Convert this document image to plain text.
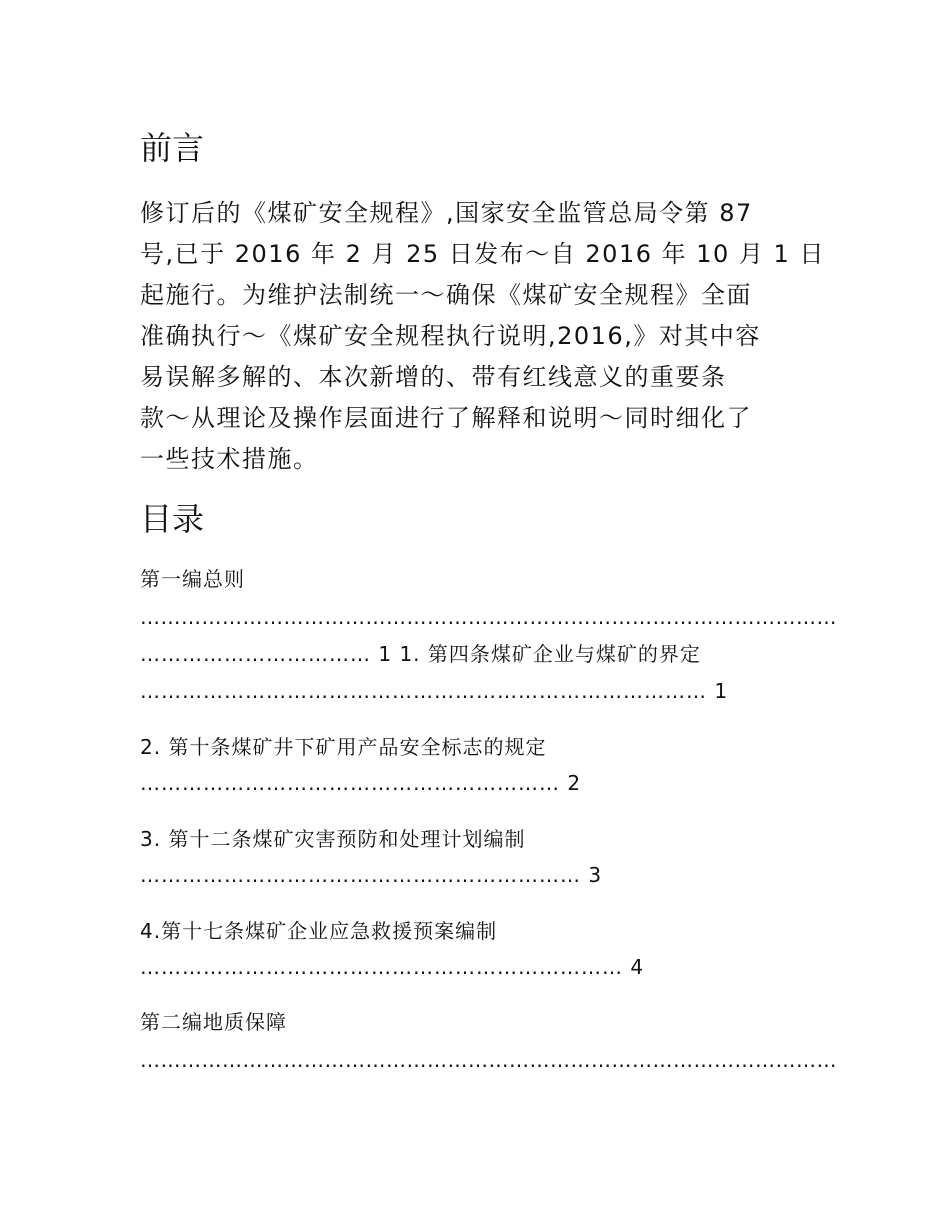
前言
修订后的《煤矿安全规程》,国家安全监管总局令第 87
号,已于 2016 年 2 月 25 日发布～自 2016 年 10 月 1 日
起施行。为维护法制统一～确保《煤矿安全规程》全面
准确执行～《煤矿安全规程执行说明,2016,》对其中容
易误解多解的、本次新增的、带有红线意义的重要条
款～从理论及操作层面进行了解释和说明～同时细化了
一些技术措施。
目录
第一编总则
…………………………………………………………………………………………
…………………………… 1 1. 第四条煤矿企业与煤矿的界定
……………………………………………………………………… 1
2. 第十条煤矿井下矿用产品安全标志的规定
…………………………………………………… 2
3. 第十二条煤矿灾害预防和处理计划编制
……………………………………………………… 3
4.第十七条煤矿企业应急救援预案编制
…………………………………………………………… 4
第二编地质保障
…………………………………………………………………………………………
